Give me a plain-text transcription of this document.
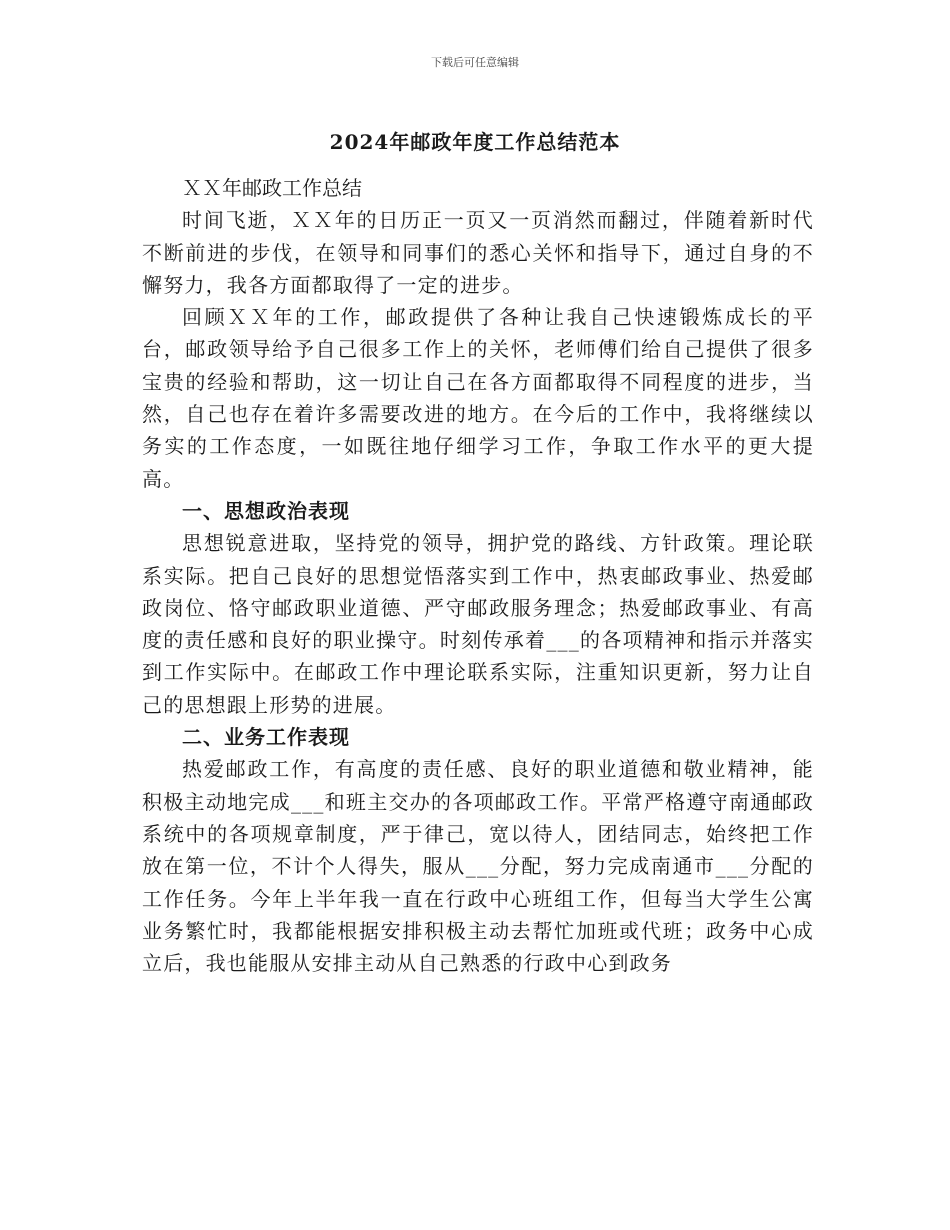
下载后可任意编辑
2024年邮政年度工作总结范本

ＸＸ年邮政工作总结

时间飞逝，ＸＸ年的日历正一页又一页消然而翻过，伴随着新时代不断前进的步伐，在领导和同事们的悉心关怀和指导下，通过自身的不懈努力，我各方面都取得了一定的进步。

回顾ＸＸ年的工作，邮政提供了各种让我自己快速锻炼成长的平台，邮政领导给予自己很多工作上的关怀，老师傅们给自己提供了很多宝贵的经验和帮助，这一切让自己在各方面都取得不同程度的进步，当然，自己也存在着许多需要改进的地方。在今后的工作中，我将继续以务实的工作态度，一如既往地仔细学习工作，争取工作水平的更大提高。

一、思想政治表现

思想锐意进取，坚持党的领导，拥护党的路线、方针政策。理论联系实际。把自己良好的思想觉悟落实到工作中，热衷邮政事业、热爱邮政岗位、恪守邮政职业道德、严守邮政服务理念；热爱邮政事业、有高度的责任感和良好的职业操守。时刻传承着___的各项精神和指示并落实到工作实际中。在邮政工作中理论联系实际，注重知识更新，努力让自己的思想跟上形势的进展。

二、业务工作表现

热爱邮政工作，有高度的责任感、良好的职业道德和敬业精神，能积极主动地完成___和班主交办的各项邮政工作。平常严格遵守南通邮政系统中的各项规章制度，严于律己，宽以待人，团结同志，始终把工作放在第一位，不计个人得失，服从___分配，努力完成南通市___分配的工作任务。今年上半年我一直在行政中心班组工作，但每当大学生公寓业务繁忙时，我都能根据安排积极主动去帮忙加班或代班；政务中心成立后，我也能服从安排主动从自己熟悉的行政中心到政务
